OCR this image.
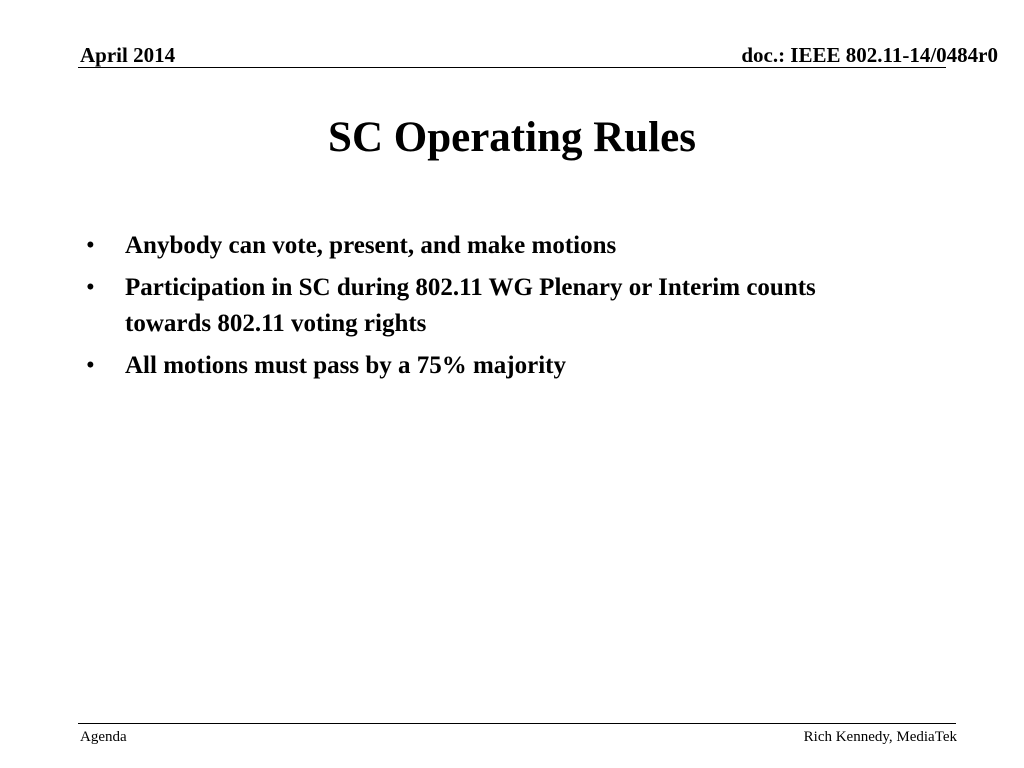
April 2014	doc.: IEEE 802.11-14/0484r0
SC Operating Rules
• Anybody can vote, present, and make motions
• Participation in SC during 802.11 WG Plenary or Interim counts towards 802.11 voting rights
• All motions must pass by a 75% majority
Agenda	Rich Kennedy, MediaTek
